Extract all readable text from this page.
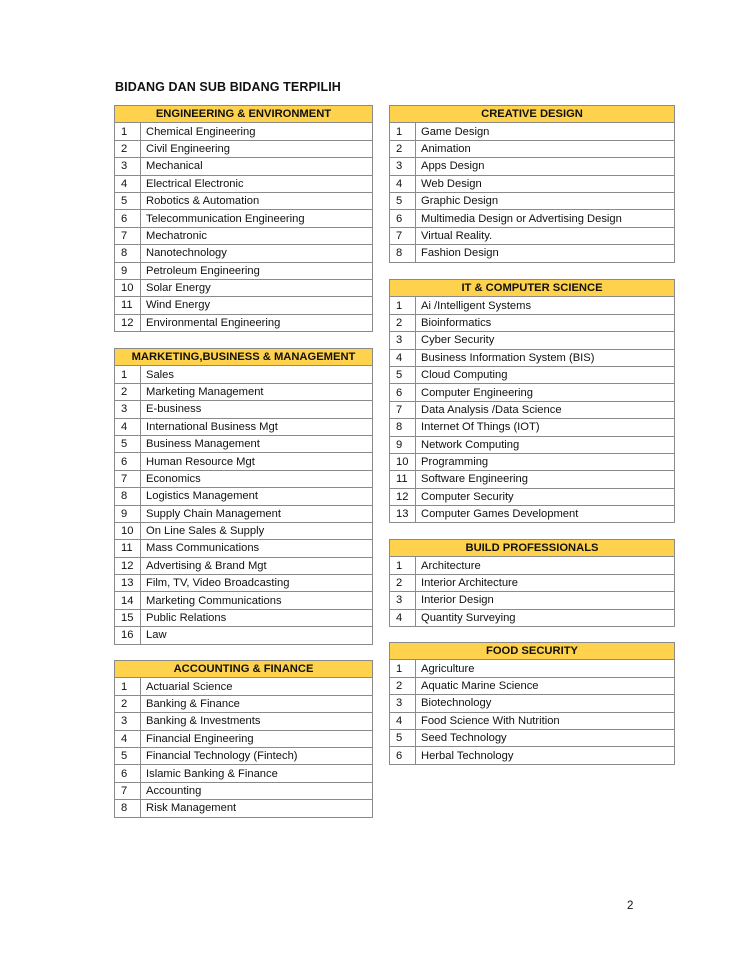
BIDANG DAN SUB BIDANG TERPILIH
ENGINEERING & ENVIRONMENT	
1	Chemical Engineering
2	Civil Engineering
3	Mechanical
4	Electrical Electronic
5	Robotics & Automation
6	Telecommunication Engineering
7	Mechatronic
8	Nanotechnology
9	Petroleum Engineering
10	Solar Energy
11	Wind Energy
12	Environmental Engineering
MARKETING,BUSINESS & MANAGEMENT	
1	Sales
2	Marketing Management
3	E-business
4	International Business Mgt
5	Business Management
6	Human Resource Mgt
7	Economics
8	Logistics Management
9	Supply Chain Management
10	On Line Sales & Supply
11	Mass Communications
12	Advertising & Brand Mgt
13	Film, TV, Video Broadcasting
14	Marketing Communications
15	Public Relations
16	Law
ACCOUNTING & FINANCE	
1	Actuarial Science
2	Banking & Finance
3	Banking & Investments
4	Financial Engineering
5	Financial Technology (Fintech)
6	Islamic Banking & Finance
7	Accounting
8	Risk Management
CREATIVE DESIGN	
1	Game Design
2	Animation
3	Apps Design
4	Web Design
5	Graphic Design
6	Multimedia Design or Advertising Design
7	Virtual Reality.
8	Fashion Design
IT & COMPUTER SCIENCE	
1	Ai /Intelligent Systems
2	Bioinformatics
3	Cyber Security
4	Business Information System (BIS)
5	Cloud Computing
6	Computer Engineering
7	Data Analysis /Data Science
8	Internet Of Things (IOT)
9	Network Computing
10	Programming
11	Software Engineering
12	Computer Security
13	Computer Games Development
BUILD PROFESSIONALS	
1	Architecture
2	Interior Architecture
3	Interior Design
4	Quantity Surveying
FOOD SECURITY	
1	Agriculture
2	Aquatic Marine Science
3	Biotechnology
4	Food Science With Nutrition
5	Seed Technology
6	Herbal Technology
2
